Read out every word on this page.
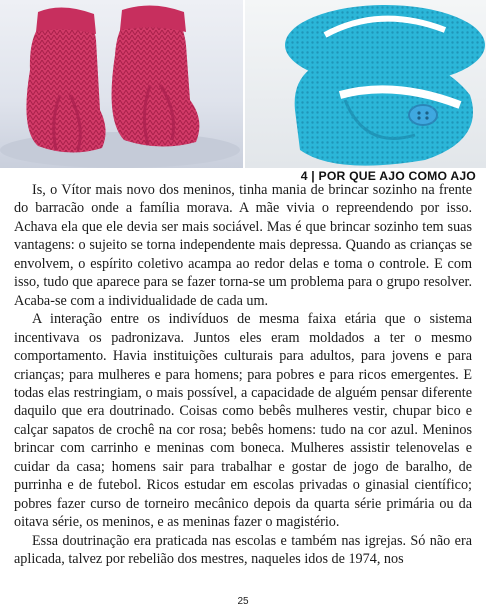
4 | POR QUE AJO COMO AJO

Is, o Vítor mais novo dos meninos, tinha mania de brincar sozinho na frente do barracão onde a família morava. A mãe vivia o repreendendo por isso. Achava ela que ele devia ser mais sociável. Mas é que brincar sozinho tem suas vantagens: o sujeito se torna independente mais depressa. Quando as crianças se envolvem, o espírito coletivo acampa ao redor delas e toma o controle. E com isso, tudo que aparece para se fazer torna-se um problema para o grupo resolver. Acaba-se com a individualidade de cada um.

A interação entre os indivíduos de mesma faixa etária que o sistema incentivava os padronizava. Juntos eles eram moldados a ter o mesmo comportamento. Havia instituições culturais para adultos, para jovens e para crianças; para mulheres e para homens; para pobres e para ricos emergentes. E todas elas restringiam, o mais possível, a capacidade de alguém pensar diferente daquilo que era doutrinado. Coisas como bebês mulheres vestir, chupar bico e calçar sapatos de crochê na cor rosa; bebês homens: tudo na cor azul. Meninos brincar com carrinho e meninas com boneca. Mulheres assistir telenovelas e cuidar da casa; homens sair para trabalhar e gostar de jogo de baralho, de purrinha e de futebol. Ricos estudar em escolas privadas o ginasial científico; pobres fazer curso de torneiro mecânico depois da quarta série primária ou da oitava série, os meninos, e as meninas fazer o magistério.

Essa doutrinação era praticada nas escolas e também nas igrejas. Só não era aplicada, talvez por rebelião dos mestres, naqueles idos de 1974, nos

25
